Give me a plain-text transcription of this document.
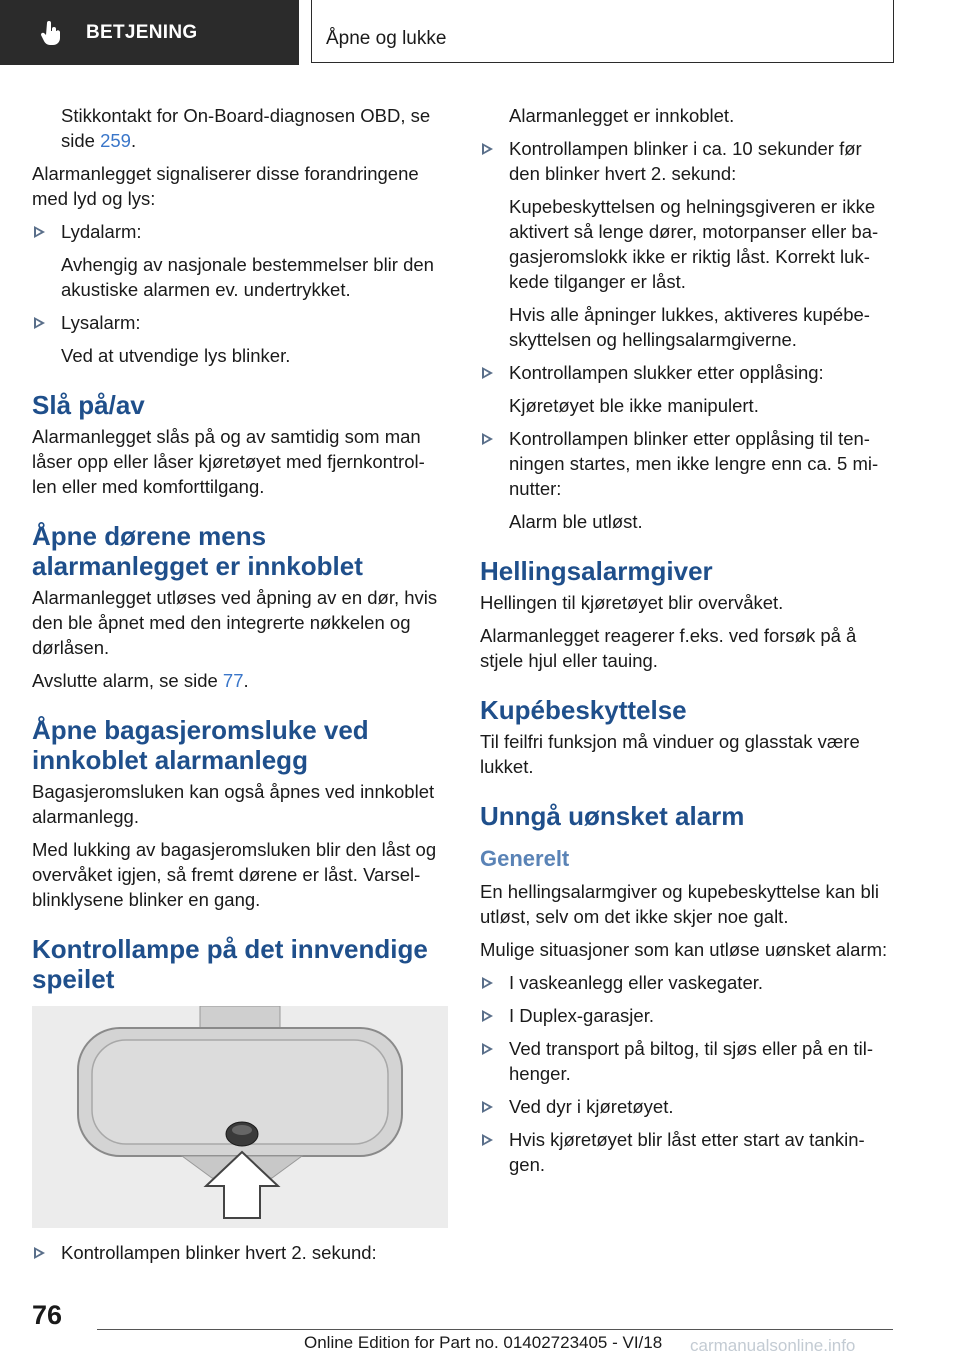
BETJENING	Åpne og lukke

Stikkontakt for On-Board-diagnosen OBD, se side 259.

Alarmanlegget signaliserer disse forandringene med lyd og lys:

Lydalarm:

Avhengig av nasjonale bestemmelser blir den akustiske alarmen ev. undertrykket.

Lysalarm:

Ved at utvendige lys blinker.

Slå på/av

Alarmanlegget slås på og av samtidig som man låser opp eller låser kjøretøyet med fjernkontrol-len eller med komforttilgang.

Åpne dørene mens alarmanlegget er innkoblet

Alarmanlegget utløses ved åpning av en dør, hvis den ble åpnet med den integrerte nøkkelen og dørlåsen.

Avslutte alarm, se side 77.

Åpne bagasjeromsluke ved innkoblet alarmanlegg

Bagasjeromsluken kan også åpnes ved innkoblet alarmanlegg.

Med lukking av bagasjeromsluken blir den låst og overvåket igjen, så fremt dørene er låst. Varsel-blinklysene blinker en gang.

Kontrollampe på det innvendige speilet

Kontrollampen blinker hvert 2. sekund:

Alarmanlegget er innkoblet.

Kontrollampen blinker i ca. 10 sekunder før den blinker hvert 2. sekund:

Kupebeskyttelsen og helningsgiveren er ikke aktivert så lenge dører, motorpanser eller ba-gasjeromslokk ikke er riktig låst. Korrekt luk-kede tilganger er låst.

Hvis alle åpninger lukkes, aktiveres kupébe-skyttelsen og hellingsalarmgiverne.

Kontrollampen slukker etter opplåsing:

Kjøretøyet ble ikke manipulert.

Kontrollampen blinker etter opplåsing til ten-ningen startes, men ikke lengre enn ca. 5 mi-nutter:

Alarm ble utløst.

Hellingsalarmgiver

Hellingen til kjøretøyet blir overvåket.

Alarmanlegget reagerer f.eks. ved forsøk på å stjele hjul eller tauing.

Kupébeskyttelse

Til feilfri funksjon må vinduer og glasstak være lukket.

Unngå uønsket alarm
Generelt

En hellingsalarmgiver og kupebeskyttelse kan bli utløst, selv om det ikke skjer noe galt.

Mulige situasjoner som kan utløse uønsket alarm:

I vaskeanlegg eller vaskegater.

I Duplex-garasjer.

Ved transport på biltog, til sjøs eller på en til-henger.

Ved dyr i kjøretøyet.

Hvis kjøretøyet blir låst etter start av tankin-gen.

76
Online Edition for Part no. 01402723405 - VI/18 carmanualsonline.info
